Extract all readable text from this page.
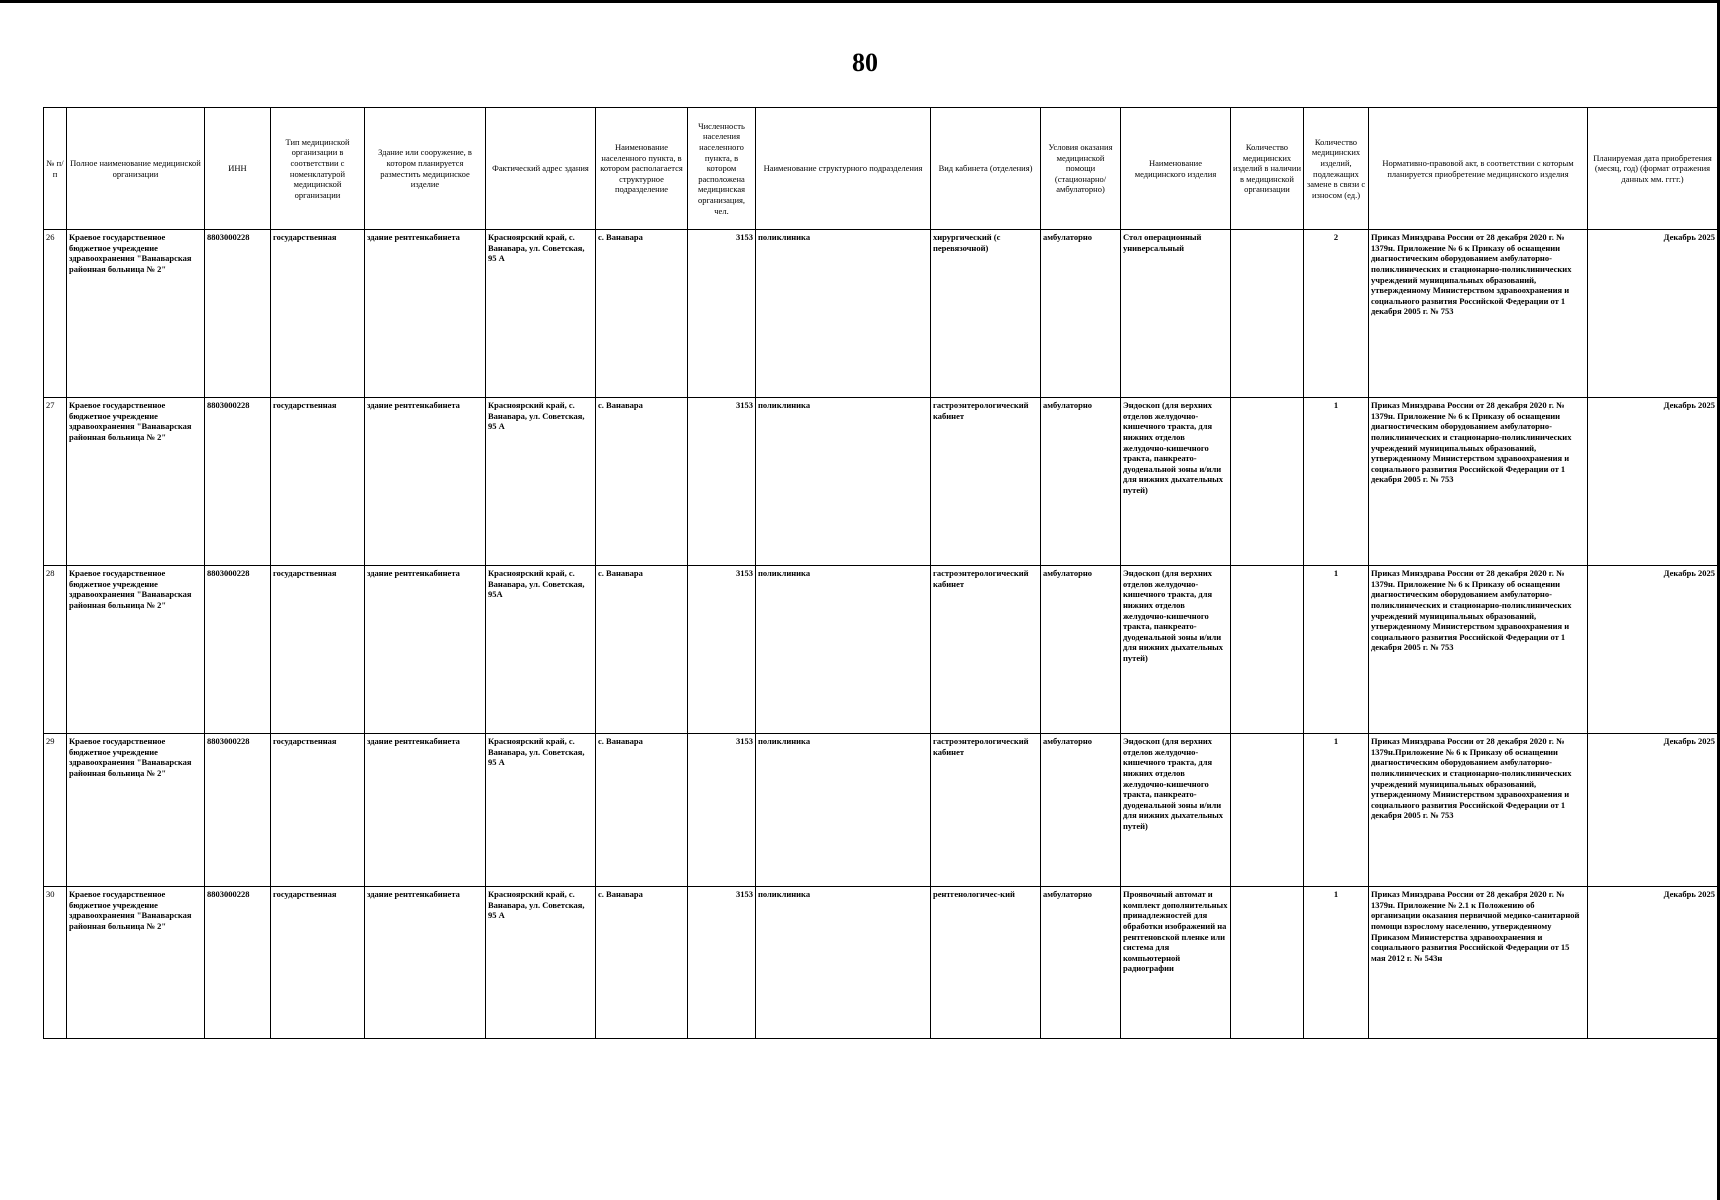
80
№ п/п	Полное наименование медицинской организации	ИНН	Тип медицинской организации в соответствии с номенклатурой медицинской организации	Здание или сооружение, в котором планируется разместить медицинское изделие	Фактический адрес здания	Наименование населенного пункта, в котором располагается структурное подразделение	Численность населения населенного пункта, в котором расположена медицинская организация, чел.	Наименование структурного подразделения	Вид кабинета (отделения)	Условия оказания медицинской помощи (стационарно/ амбулаторно)	Наименование медицинского изделия	Количество медицинских изделий в наличии в медицинской организации	Количество медицинских изделий, подлежащих замене в связи с износом (ед.)	Нормативно-правовой акт, в соответствии с которым планируется приобретение медицинского изделия	Планируемая дата приобретения (месяц, год) (формат отражения данных мм. гггг.)
26	Краевое государственное бюджетное учреждение здравоохранения "Ванаварская районная больница № 2"	8803000228	государственная	здание рентгенкабинета	Красноярский край, с. Ванавара, ул. Советская, 95 А	с. Ванавара	3153	поликлиника	хирургический (с перевязочной)	амбулаторно	Стол операционный универсальный		2	Приказ Минздрава России от 28 декабря 2020 г. № 1379н. Приложение № 6 к Приказу об оснащении диагностическим оборудованием амбулаторно-поликлинических и стационарно-поликлинических учреждений муниципальных образований, утвержденному Министерством здравоохранения и социального развития Российской Федерации от 1 декабря 2005 г. № 753	Декабрь 2025
27	Краевое государственное бюджетное учреждение здравоохранения "Ванаварская районная больница № 2"	8803000228	государственная	здание рентгенкабинета	Красноярский край, с. Ванавара, ул. Советская, 95 А	с. Ванавара	3153	поликлиника	гастроэнтерологический кабинет	амбулаторно	Эндоскоп (для верхних отделов желудочно-кишечного тракта, для нижних отделов желудочно-кишечного тракта, панкреато-дуоденальной зоны и/или для нижних дыхательных путей)		1	Приказ Минздрава России от 28 декабря 2020 г. № 1379н. Приложение № 6 к Приказу об оснащении диагностическим оборудованием амбулаторно-поликлинических и стационарно-поликлинических учреждений муниципальных образований, утвержденному Министерством здравоохранения и социального развития Российской Федерации от 1 декабря 2005 г. № 753	Декабрь 2025
28	Краевое государственное бюджетное учреждение здравоохранения "Ванаварская районная больница № 2"	8803000228	государственная	здание рентгенкабинета	Красноярский край, с. Ванавара, ул. Советская, 95А	с. Ванавара	3153	поликлиника	гастроэнтерологический кабинет	амбулаторно	Эндоскоп (для верхних отделов желудочно-кишечного тракта, для нижних отделов желудочно-кишечного тракта, панкреато-дуоденальной зоны и/или для нижних дыхательных путей)		1	Приказ Минздрава России от 28 декабря 2020 г. № 1379н. Приложение № 6 к Приказу об оснащении диагностическим оборудованием амбулаторно-поликлинических и стационарно-поликлинических учреждений муниципальных образований, утвержденному Министерством здравоохранения и социального развития Российской Федерации от 1 декабря 2005 г. № 753	Декабрь 2025
29	Краевое государственное бюджетное учреждение здравоохранения "Ванаварская районная больница № 2"	8803000228	государственная	здание рентгенкабинета	Красноярский край, с. Ванавара, ул. Советская, 95 А	с. Ванавара	3153	поликлиника	гастроэнтерологический кабинет	амбулаторно	Эндоскоп (для верхних отделов желудочно-кишечного тракта, для нижних отделов желудочно-кишечного тракта, панкреато-дуоденальной зоны и/или для нижних дыхательных путей)		1	Приказ Минздрава России от 28 декабря 2020 г. № 1379н.Приложение № 6 к Приказу об оснащении диагностическим оборудованием амбулаторно-поликлинических и стационарно-поликлинических учреждений муниципальных образований, утвержденному Министерством здравоохранения и социального развития Российской Федерации от 1 декабря 2005 г. № 753	Декабрь 2025
30	Краевое государственное бюджетное учреждение здравоохранения "Ванаварская районная больница № 2"	8803000228	государственная	здание рентгенкабинета	Красноярский край, с. Ванавара, ул. Советская, 95 А	с. Ванавара	3153	поликлиника	рентгенологичес-кий	амбулаторно	Проявочный автомат и комплект дополнительных принадлежностей для обработки изображений на рентгеновской пленке или система для компьютерной радиографии		1	Приказ Минздрава России от 28 декабря 2020 г. № 1379н. Приложение № 2.1 к Положению об организации оказания первичной медико-санитарной помощи взрослому населению, утвержденному Приказом Министерства здравоохранения и социального развития Российской Федерации от 15 мая 2012 г. № 543н	Декабрь 2025
